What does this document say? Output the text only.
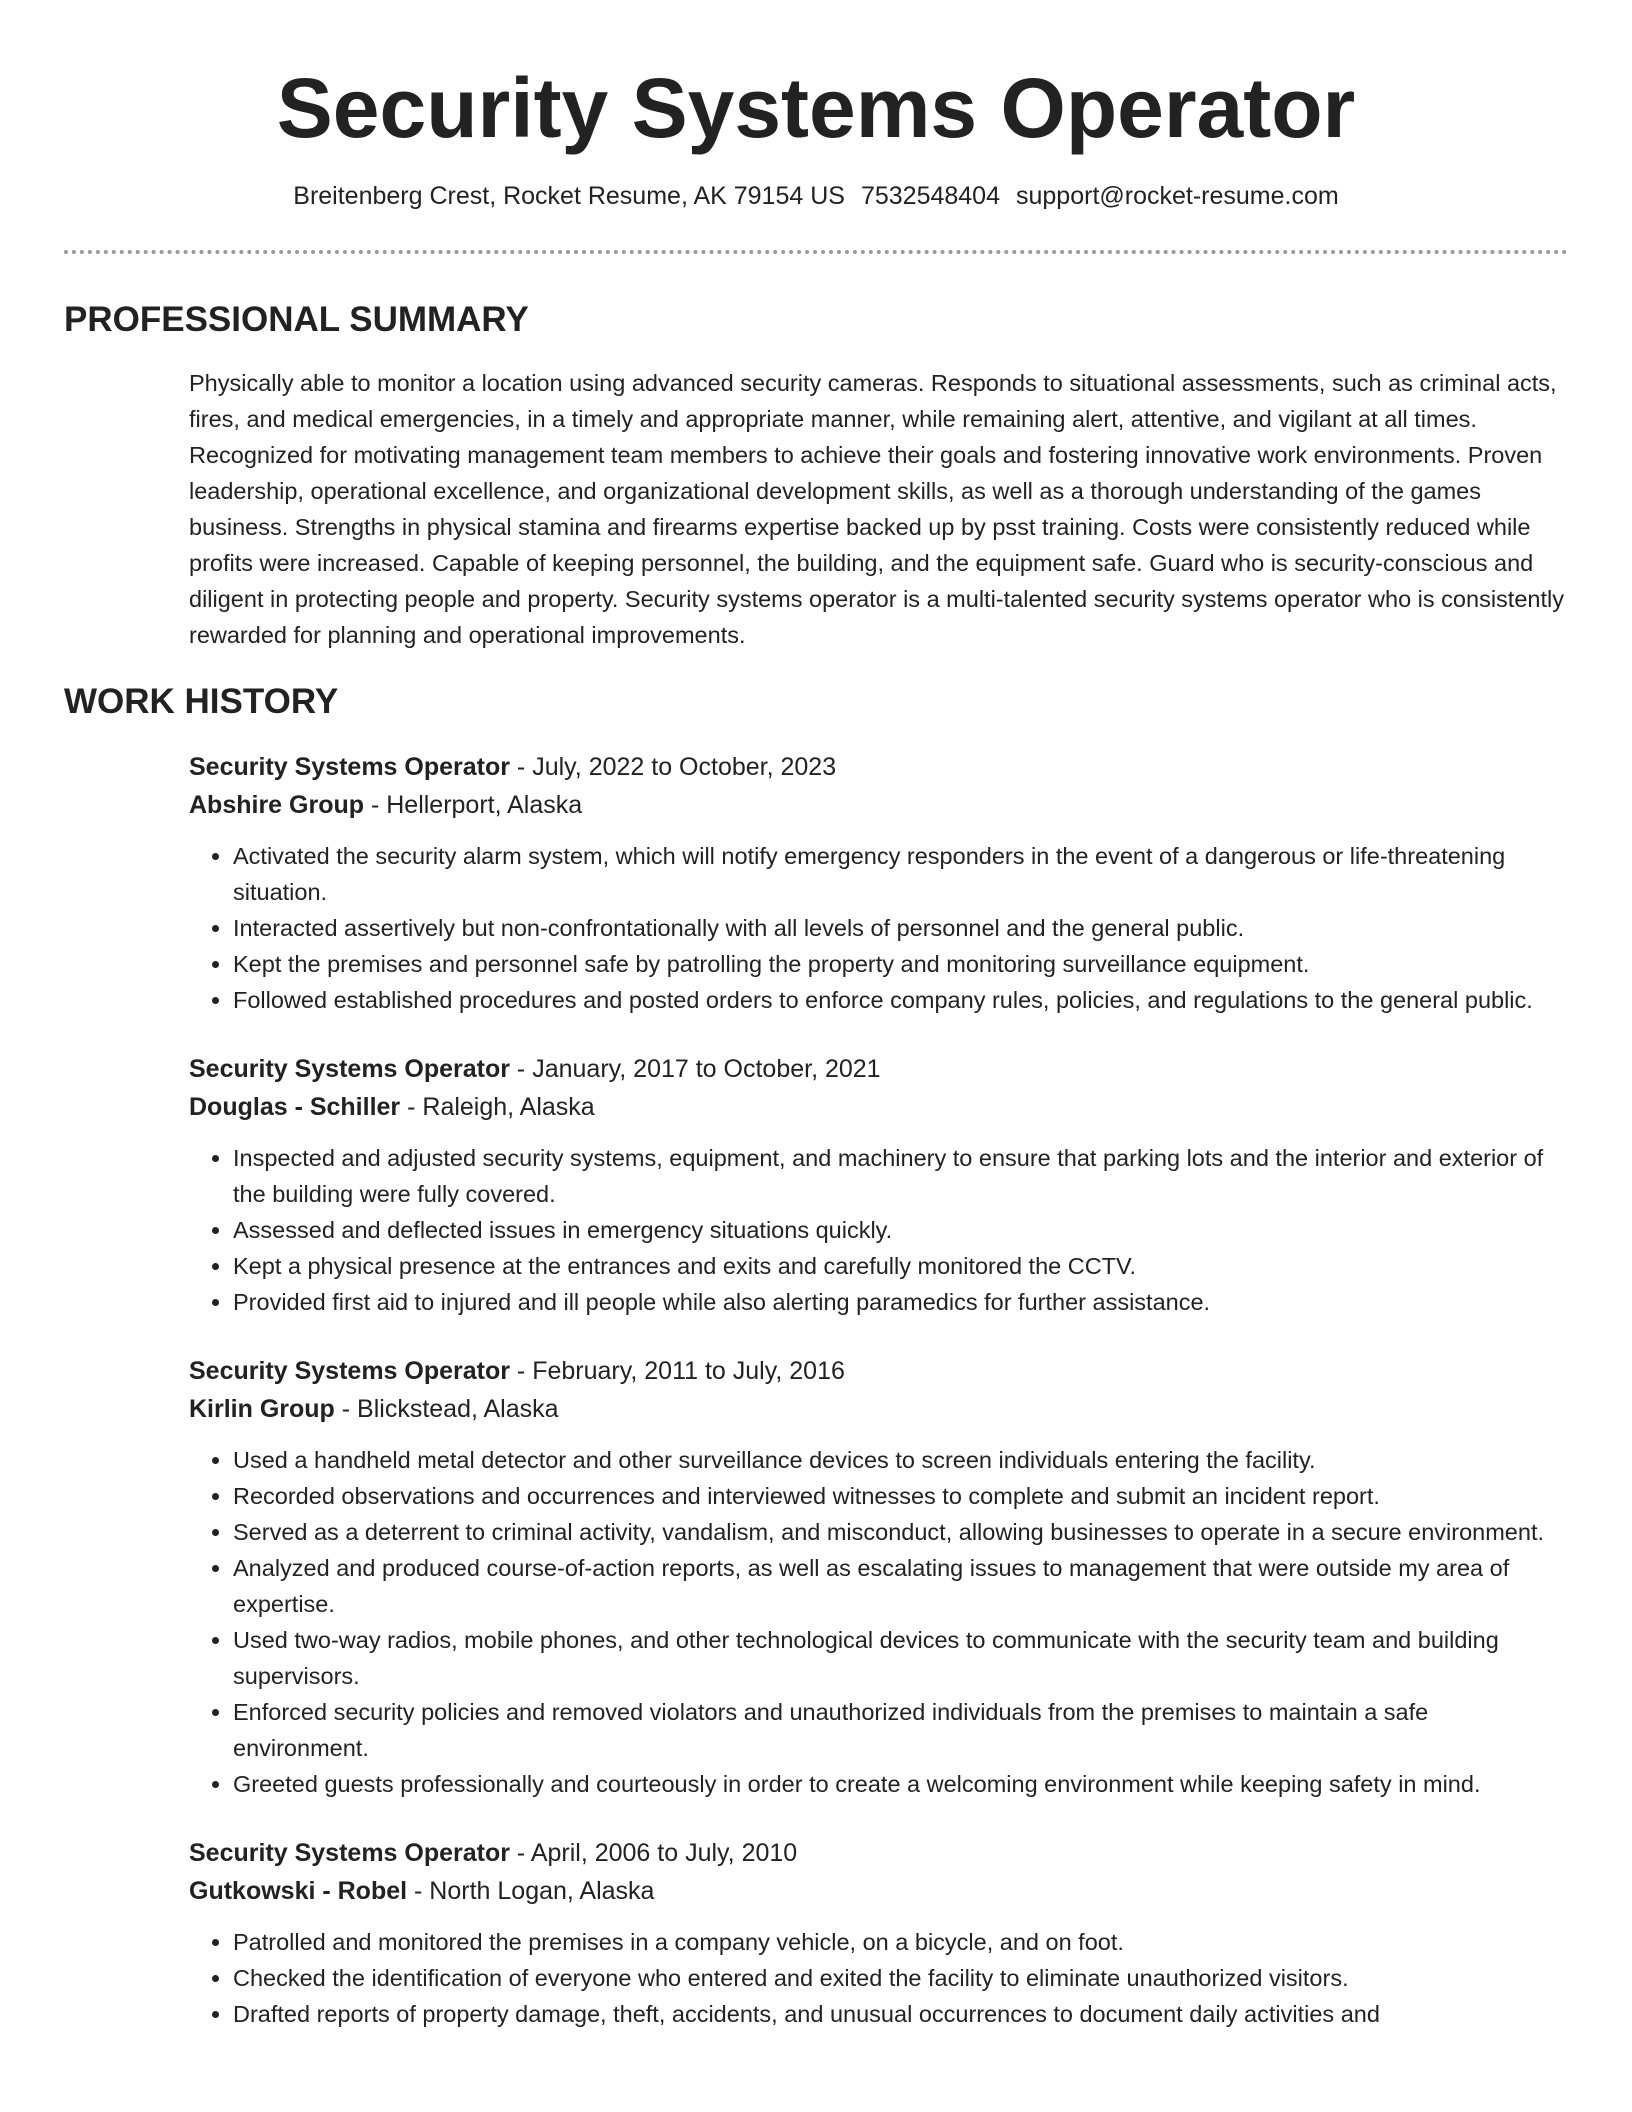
Security Systems Operator
Breitenberg Crest, Rocket Resume, AK 79154 US 7532548404 support@rocket-resume.com
PROFESSIONAL SUMMARY
Physically able to monitor a location using advanced security cameras. Responds to situational assessments, such as criminal acts, fires, and medical emergencies, in a timely and appropriate manner, while remaining alert, attentive, and vigilant at all times. Recognized for motivating management team members to achieve their goals and fostering innovative work environments. Proven leadership, operational excellence, and organizational development skills, as well as a thorough understanding of the games business. Strengths in physical stamina and firearms expertise backed up by psst training. Costs were consistently reduced while profits were increased. Capable of keeping personnel, the building, and the equipment safe. Guard who is security-conscious and diligent in protecting people and property. Security systems operator is a multi-talented security systems operator who is consistently rewarded for planning and operational improvements.
WORK HISTORY
Security Systems Operator - July, 2022 to October, 2023
Abshire Group - Hellerport, Alaska
• Activated the security alarm system, which will notify emergency responders in the event of a dangerous or life-threatening situation.
• Interacted assertively but non-confrontationally with all levels of personnel and the general public.
• Kept the premises and personnel safe by patrolling the property and monitoring surveillance equipment.
• Followed established procedures and posted orders to enforce company rules, policies, and regulations to the general public.
Security Systems Operator - January, 2017 to October, 2021
Douglas - Schiller - Raleigh, Alaska
• Inspected and adjusted security systems, equipment, and machinery to ensure that parking lots and the interior and exterior of the building were fully covered.
• Assessed and deflected issues in emergency situations quickly.
• Kept a physical presence at the entrances and exits and carefully monitored the CCTV.
• Provided first aid to injured and ill people while also alerting paramedics for further assistance.
Security Systems Operator - February, 2011 to July, 2016
Kirlin Group - Blickstead, Alaska
• Used a handheld metal detector and other surveillance devices to screen individuals entering the facility.
• Recorded observations and occurrences and interviewed witnesses to complete and submit an incident report.
• Served as a deterrent to criminal activity, vandalism, and misconduct, allowing businesses to operate in a secure environment.
• Analyzed and produced course-of-action reports, as well as escalating issues to management that were outside my area of expertise.
• Used two-way radios, mobile phones, and other technological devices to communicate with the security team and building supervisors.
• Enforced security policies and removed violators and unauthorized individuals from the premises to maintain a safe environment.
• Greeted guests professionally and courteously in order to create a welcoming environment while keeping safety in mind.
Security Systems Operator - April, 2006 to July, 2010
Gutkowski - Robel - North Logan, Alaska
• Patrolled and monitored the premises in a company vehicle, on a bicycle, and on foot.
• Checked the identification of everyone who entered and exited the facility to eliminate unauthorized visitors.
• Drafted reports of property damage, theft, accidents, and unusual occurrences to document daily activities and
